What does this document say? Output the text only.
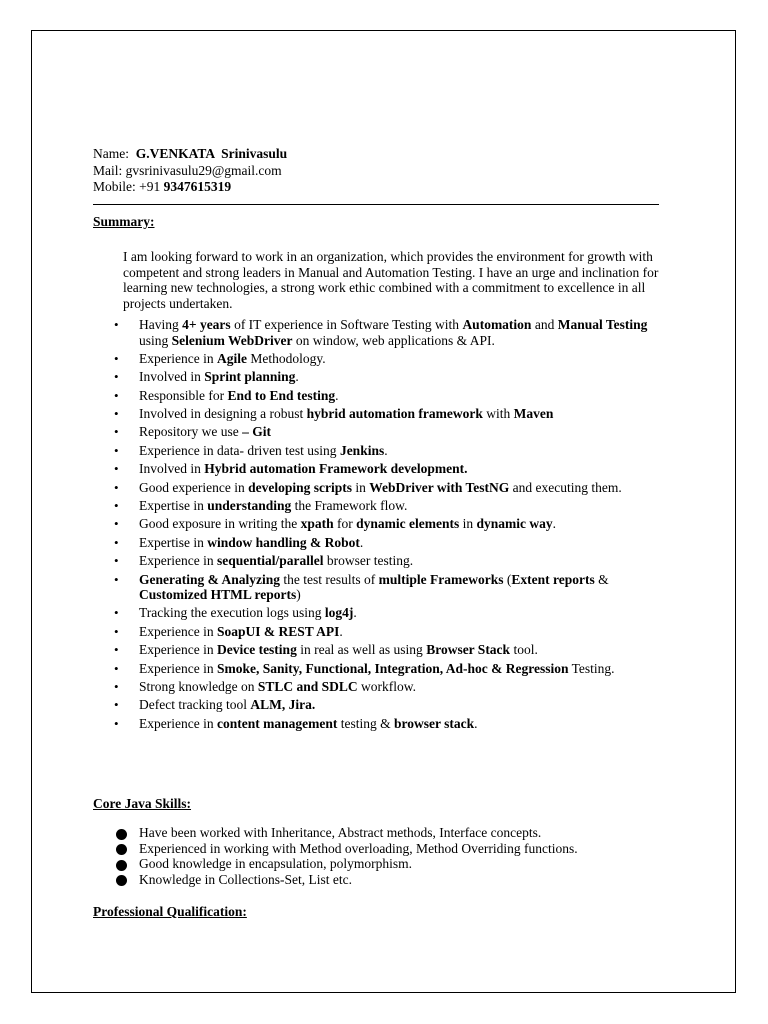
Name: G.VENKATA  Srinivasulu
Mail: gvsrinivasulu29@gmail.com
Mobile: +91 9347615319
Summary:
I am looking forward to work in an organization, which provides the environment for growth with competent and strong leaders in Manual and Automation Testing. I have an urge and inclination for learning new technologies, a strong work ethic combined with a commitment to excellence in all projects undertaken.
• Having 4+ years of IT experience in Software Testing with Automation and Manual Testing using Selenium WebDriver on window, web applications & API.
• Experience in Agile Methodology.
• Involved in Sprint planning.
• Responsible for End to End testing.
• Involved in designing a robust hybrid automation framework with Maven
• Repository we use – Git
• Experience in data- driven test using Jenkins.
• Involved in Hybrid automation Framework development.
• Good experience in developing scripts in WebDriver with TestNG and executing them.
• Expertise in understanding the Framework flow.
• Good exposure in writing the xpath for dynamic elements in dynamic way.
• Expertise in window handling & Robot.
• Experience in sequential/parallel browser testing.
• Generating & Analyzing the test results of multiple Frameworks (Extent reports & Customized HTML reports)
• Tracking the execution logs using log4j.
• Experience in SoapUI & REST API.
• Experience in Device testing in real as well as using Browser Stack tool.
• Experience in Smoke, Sanity, Functional, Integration, Ad-hoc & Regression Testing.
• Strong knowledge on STLC and SDLC workflow.
• Defect tracking tool ALM, Jira.
• Experience in content management testing & browser stack.
Core Java Skills:
Have been worked with Inheritance, Abstract methods, Interface concepts.
Experienced in working with Method overloading, Method Overriding functions.
Good knowledge in encapsulation, polymorphism.
Knowledge in Collections-Set, List etc.
Professional Qualification:
